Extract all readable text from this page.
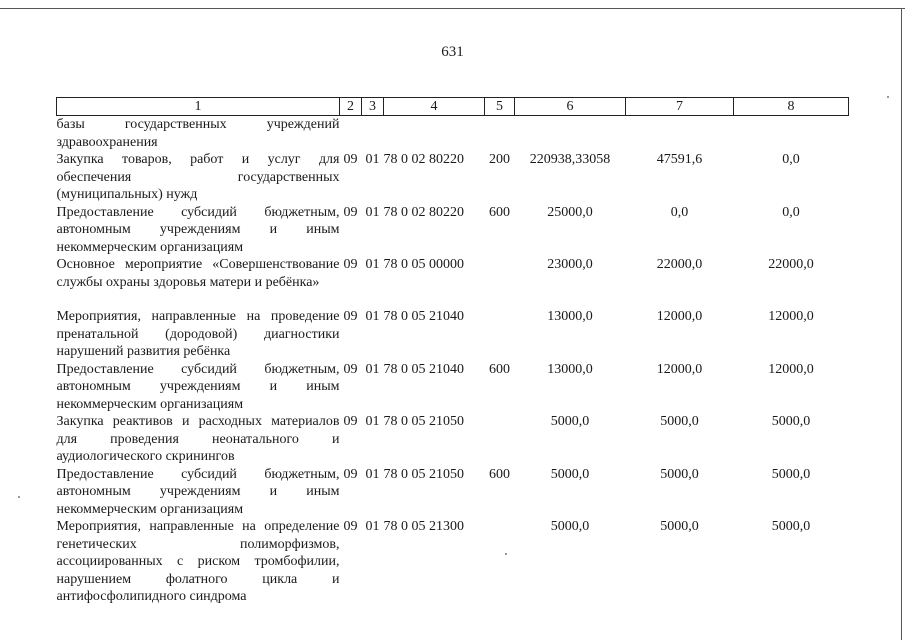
631
1	2	3	4	5	6	7	8
базы государственных учреждений здравоохранения							
Закупка товаров, работ и услуг для обеспечения государственных (муниципальных) нужд	09	01	78 0 02 80220	200	220938,33058	47591,6	0,0
Предоставление субсидий бюджетным, автономным учреждениям и иным некоммерческим организациям	09	01	78 0 02 80220	600	25000,0	0,0	0,0
Основное мероприятие «Совершенствование службы охраны здоровья матери и ребёнка»	09	01	78 0 05 00000		23000,0	22000,0	22000,0
Мероприятия, направленные на проведение пренатальной (дородовой) диагностики нарушений развития ребёнка	09	01	78 0 05 21040		13000,0	12000,0	12000,0
Предоставление субсидий бюджетным, автономным учреждениям и иным некоммерческим организациям	09	01	78 0 05 21040	600	13000,0	12000,0	12000,0
Закупка реактивов и расходных материалов для проведения неонатального и аудиологического скринингов	09	01	78 0 05 21050		5000,0	5000,0	5000,0
Предоставление субсидий бюджетным, автономным учреждениям и иным некоммерческим организациям	09	01	78 0 05 21050	600	5000,0	5000,0	5000,0
Мероприятия, направленные на определение генетических полиморфизмов, ассоциированных с риском тромбофилии, нарушением фолатного цикла и антифосфолипидного синдрома	09	01	78 0 05 21300		5000,0	5000,0	5000,0
